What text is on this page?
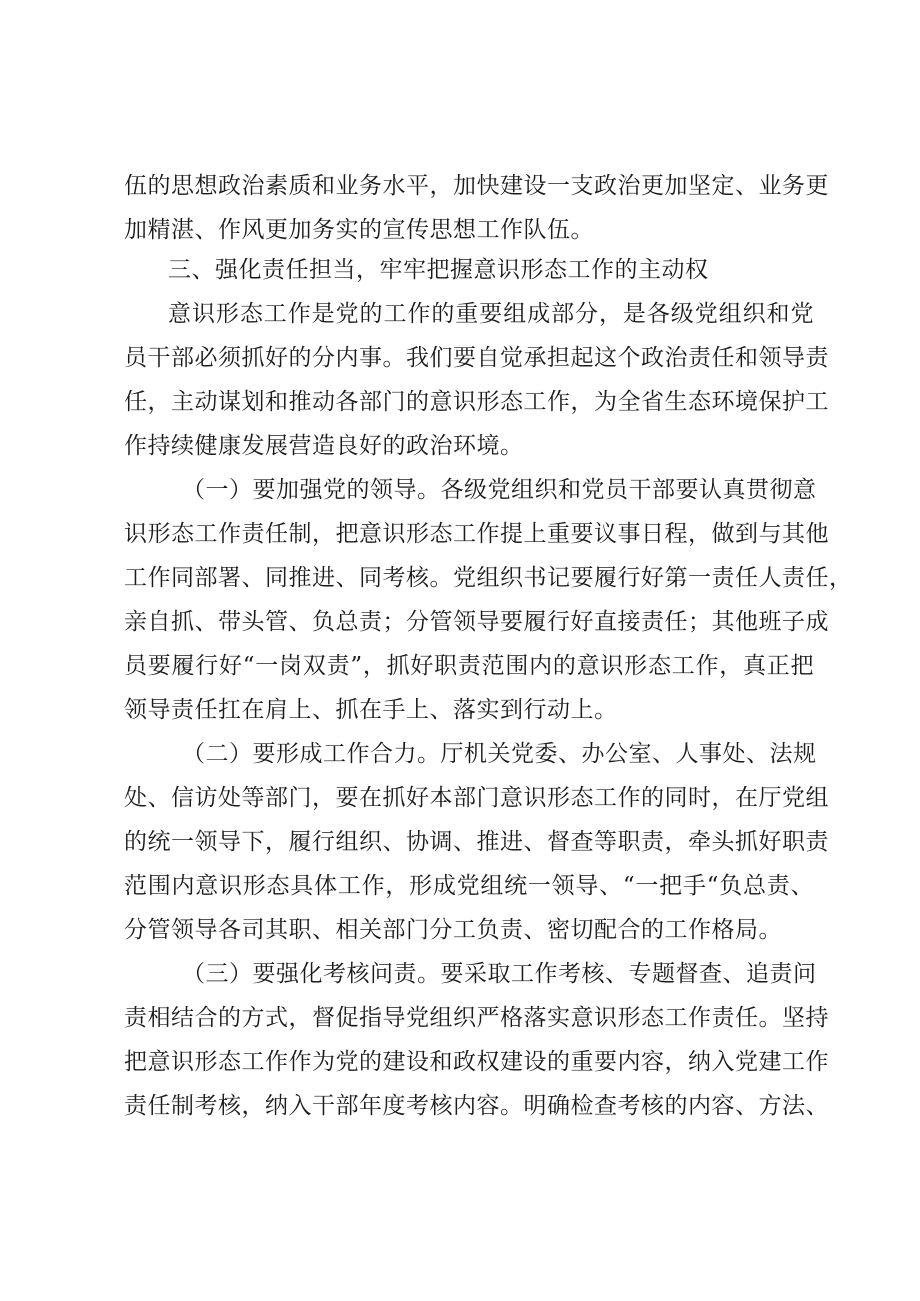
伍的思想政治素质和业务水平，加快建设一支政治更加坚定、业务更
加精湛、作风更加务实的宣传思想工作队伍。
三、强化责任担当，牢牢把握意识形态工作的主动权
意识形态工作是党的工作的重要组成部分，是各级党组织和党
员干部必须抓好的分内事。我们要自觉承担起这个政治责任和领导责
任，主动谋划和推动各部门的意识形态工作，为全省生态环境保护工
作持续健康发展营造良好的政治环境。
（一）要加强党的领导。各级党组织和党员干部要认真贯彻意
识形态工作责任制，把意识形态工作提上重要议事日程，做到与其他
工作同部署、同推进、同考核。党组织书记要履行好第一责任人责任，
亲自抓、带头管、负总责；分管领导要履行好直接责任；其他班子成
员要履行好“一岗双责”，抓好职责范围内的意识形态工作，真正把
领导责任扛在肩上、抓在手上、落实到行动上。
（二）要形成工作合力。厅机关党委、办公室、人事处、法规
处、信访处等部门，要在抓好本部门意识形态工作的同时，在厅党组
的统一领导下，履行组织、协调、推进、督查等职责，牵头抓好职责
范围内意识形态具体工作，形成党组统一领导、“一把手“负总责、
分管领导各司其职、相关部门分工负责、密切配合的工作格局。
（三）要强化考核问责。要采取工作考核、专题督查、追责问
责相结合的方式，督促指导党组织严格落实意识形态工作责任。坚持
把意识形态工作作为党的建设和政权建设的重要内容，纳入党建工作
责任制考核，纳入干部年度考核内容。明确检查考核的内容、方法、
